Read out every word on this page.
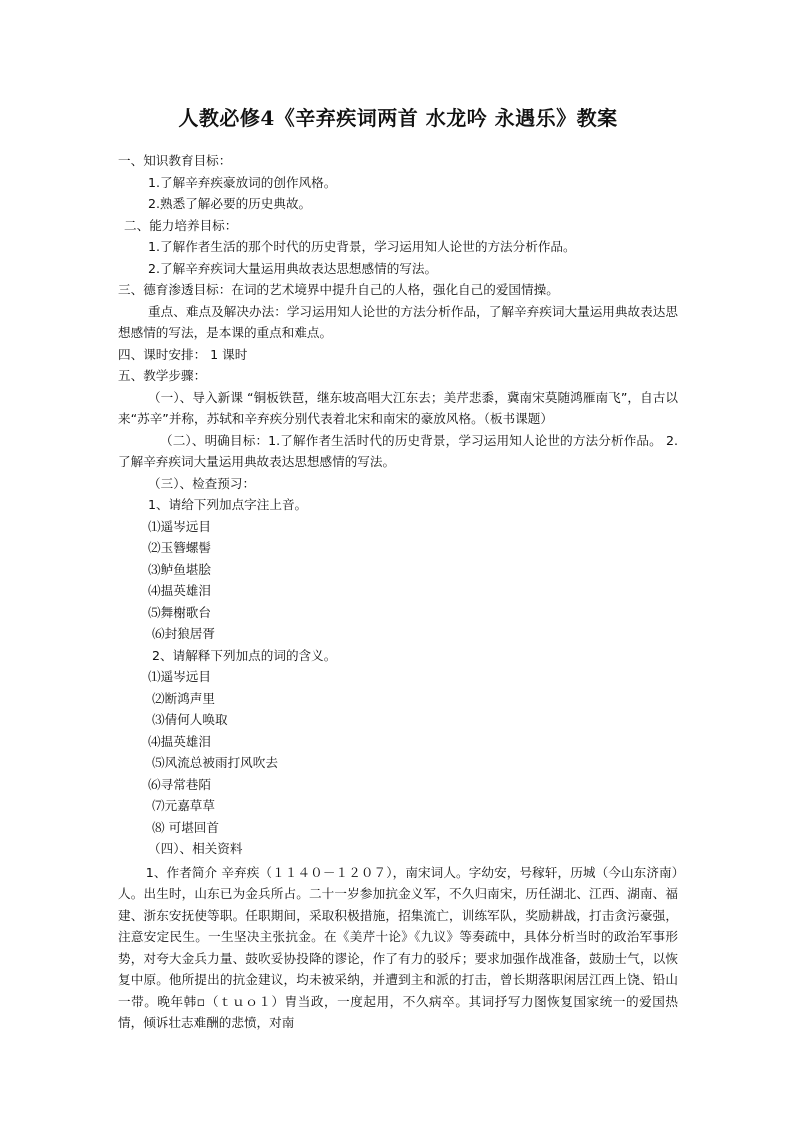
人教必修4《辛弃疾词两首 水龙吟 永遇乐》教案
一、知识教育目标：
1.了解辛弃疾豪放词的创作风格。
2.熟悉了解必要的历史典故。
二、能力培养目标：
1.了解作者生活的那个时代的历史背景，学习运用知人论世的方法分析作品。
2.了解辛弃疾词大量运用典故表达思想感情的写法。
三、德育渗透目标：在词的艺术境界中提升自己的人格，强化自己的爱国情操。
重点、难点及解决办法：学习运用知人论世的方法分析作品，了解辛弃疾词大量运用典故表达思想感情的写法，是本课的重点和难点。
四、课时安排： 1 课时
五、教学步骤：
（一）、导入新课 “铜板铁琶，继东坡高唱大江东去；美芹悲黍，冀南宋莫随鸿雁南飞”，自古以来“苏辛”并称，苏轼和辛弃疾分别代表着北宋和南宋的豪放风格。（板书课题）
（二）、明确目标：1.了解作者生活时代的历史背景，学习运用知人论世的方法分析作品。 2.了解辛弃疾词大量运用典故表达思想感情的写法。
（三）、检查预习：
1、请给下列加点字注上音。
⑴遥岑远目
⑵玉簪螺髻
⑶鲈鱼堪脍
⑷揾英雄泪
⑸舞榭歌台
⑹封狼居胥
2、请解释下列加点的词的含义。
⑴遥岑远目
⑵断鸿声里
⑶倩何人唤取
⑷揾英雄泪
⑸风流总被雨打风吹去
⑹寻常巷陌
⑺元嘉草草
⑻ 可堪回首
（四）、相关资料
1、作者简介 辛弃疾（１１４０－１２０７），南宋词人。字幼安，号稼轩，历城（今山东济南）人。出生时，山东已为金兵所占。二十一岁参加抗金义军，不久归南宋，历任湖北、江西、湖南、福建、浙东安抚使等职。任职期间，采取积极措施，招集流亡，训练军队，奖励耕战，打击贪污豪强，注意安定民生。一生坚决主张抗金。在《美芹十论》《九议》等奏疏中，具体分析当时的政治军事形势，对夸大金兵力量、鼓吹妥协投降的谬论，作了有力的驳斥；要求加强作战准备，鼓励士气，以恢复中原。他所提出的抗金建议，均未被采纳，并遭到主和派的打击，曾长期落职闲居江西上饶、铅山一带。晚年韩▫（ｔｕｏ１）胄当政，一度起用，不久病卒。其词抒写力图恢复国家统一的爱国热情，倾诉壮志难酬的悲愤，对南
